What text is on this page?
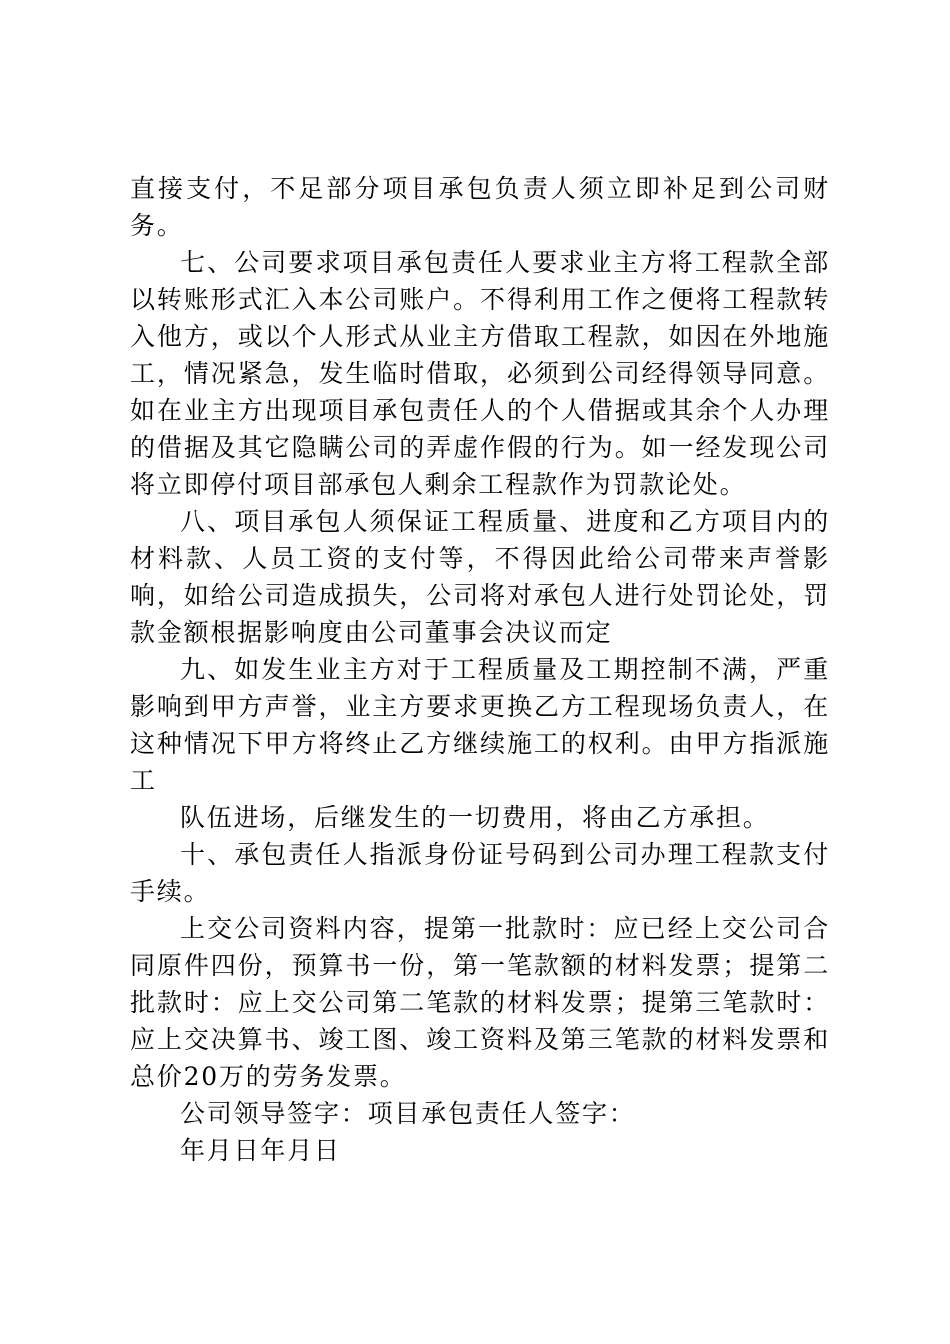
直接支付，不足部分项目承包负责人须立即补足到公司财务。

七、公司要求项目承包责任人要求业主方将工程款全部以转账形式汇入本公司账户。不得利用工作之便将工程款转入他方，或以个人形式从业主方借取工程款，如因在外地施工，情况紧急，发生临时借取，必须到公司经得领导同意。如在业主方出现项目承包责任人的个人借据或其余个人办理的借据及其它隐瞒公司的弄虚作假的行为。如一经发现公司将立即停付项目部承包人剩余工程款作为罚款论处。

八、项目承包人须保证工程质量、进度和乙方项目内的材料款、人员工资的支付等，不得因此给公司带来声誉影响，如给公司造成损失，公司将对承包人进行处罚论处，罚款金额根据影响度由公司董事会决议而定

九、如发生业主方对于工程质量及工期控制不满，严重影响到甲方声誉，业主方要求更换乙方工程现场负责人，在这种情况下甲方将终止乙方继续施工的权利。由甲方指派施工

队伍进场，后继发生的一切费用，将由乙方承担。

十、承包责任人指派身份证号码到公司办理工程款支付手续。

上交公司资料内容，提第一批款时：应已经上交公司合同原件四份，预算书一份，第一笔款额的材料发票；提第二批款时：应上交公司第二笔款的材料发票；提第三笔款时：应上交决算书、竣工图、竣工资料及第三笔款的材料发票和总价20万的劳务发票。

公司领导签字：项目承包责任人签字：

年月日年月日
